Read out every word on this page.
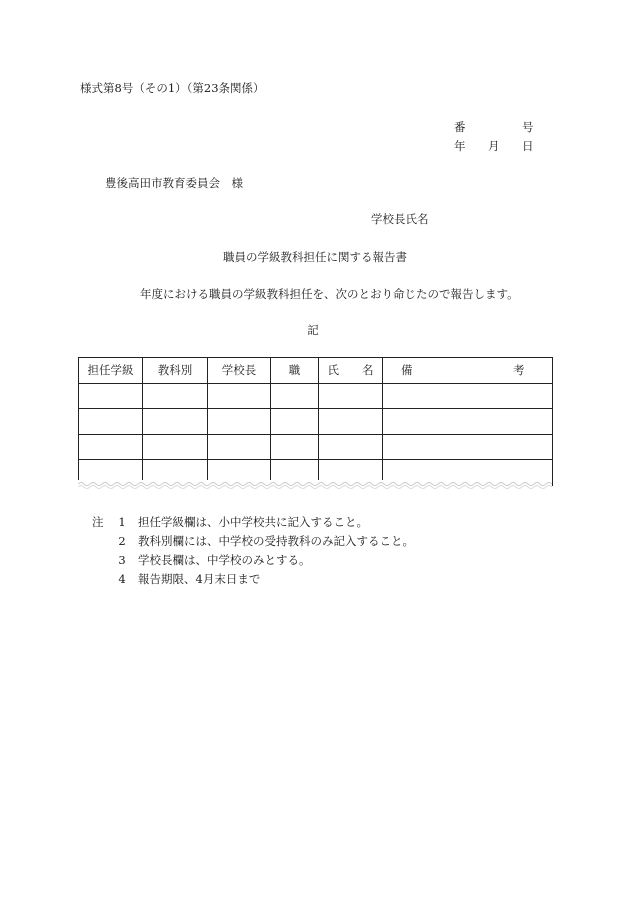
様式第8号（その1）（第23条関係）
番	号
年 月 日
豊後高田市教育委員会　様
学校長氏名
職員の学級教科担任に関する報告書
年度における職員の学級教科担任を、次のとおり命じたので報告します。
記
担任学級	教科別	学校長	職	氏　　名	備 考

注	1	担任学級欄は、小中学校共に記入すること。
2	教科別欄には、中学校の受持教科のみ記入すること。
3	学校長欄は、中学校のみとする。
4	報告期限、4月末日まで
